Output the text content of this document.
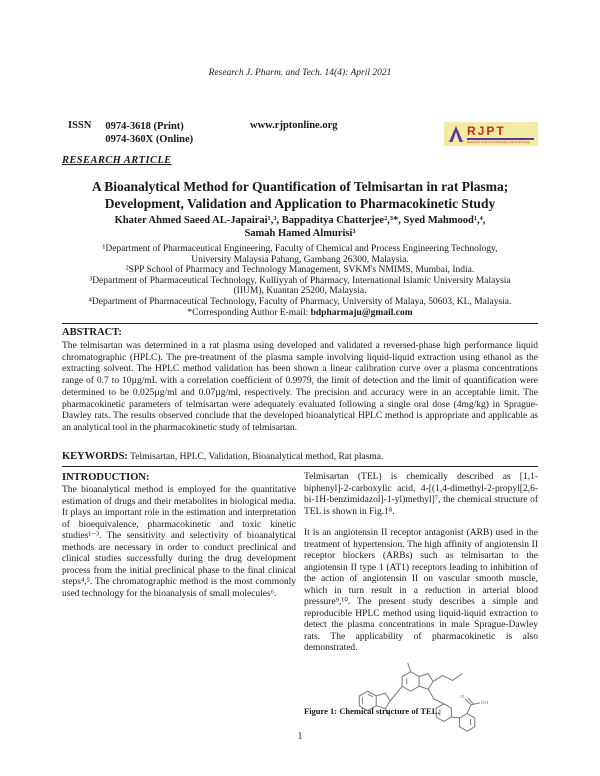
Research J. Pharm. and Tech. 14(4): April 2021
ISSN 0974-3618 (Print)
0974-360X (Online)
www.rjptonline.org	RJPT
Research Journal of Pharmacy and Technology
RESEARCH ARTICLE
A Bioanalytical Method for Quantification of Telmisartan in rat Plasma;
Development, Validation and Application to Pharmacokinetic Study
Khater Ahmed Saeed AL-Japairai¹,³, Bappaditya Chatterjee²,³*, Syed Mahmood¹,⁴,
Samah Hamed Almurisi³
¹Department of Pharmaceutical Engineering, Faculty of Chemical and Process Engineering Technology,
University Malaysia Pahang, Gambang 26300, Malaysia.
²SPP School of Pharmacy and Technology Management, SVKM's NMIMS, Mumbai, India.
³Department of Pharmaceutical Technology, Kulliyyah of Pharmacy, International Islamic University Malaysia
(IIUM), Kuantan 25200, Malaysia.
⁴Department of Pharmaceutical Technology, Faculty of Pharmacy, University of Malaya, 50603, KL, Malaysia.
*Corresponding Author E-mail: bdpharmaju@gmail.com
ABSTRACT:
The telmisartan was determined in a rat plasma using developed and validated a reversed-phase high performance liquid chromatographic (HPLC). The pre-treatment of the plasma sample involving liquid-liquid extraction using ethanol as the extracting solvent. The HPLC method validation has been shown a linear calibration curve over a plasma concentrations range of 0.7 to 10µg/mL with a correlation coefficient of 0.9979, the limit of detection and the limit of quantification were determined to be 0.025µg/ml and 0.07µg/ml, respectively. The precision and accuracy were in an acceptable limit. The pharmacokinetic parameters of telmisartan were adequately evaluated following a single oral dose (4mg/kg) in Sprague-Dawley rats. The results observed conclude that the developed bioanalytical HPLC method is appropriate and applicable as an analytical tool in the pharmacokinetic study of telmisartan.
KEYWORDS: Telmisartan, HPLC, Validation, Bioanalytical method, Rat plasma.
INTRODUCTION:

The bioanalytical method is employed for the quantitative estimation of drugs and their metabolites in biological media. It plays an important role in the estimation and interpretation of bioequivalence, pharmacokinetic and toxic kinetic studies¹⁻³. The sensitivity and selectivity of bioanalytical methods are necessary in order to conduct preclinical and clinical studies successfully during the drug development process from the initial preclinical phase to the final clinical steps⁴,⁵. The chromatographic method is the most commonly used technology for the bioanalysis of small molecules⁶.

Telmisartan (TEL) is chemically described as [1,1-biphenyl]-2-carboxylic acid, 4-[(1,4-dimethyl-2-propyl[2,6-bi-1H-benzimidazol]-1-yl)methyl]⁷, the chemical structure of TEL is shown in Fig.1⁸.

It is an angiotensin II receptor antagonist (ARB) used in the treatment of hypertension. The high affinity of angiotensin II receptor blockers (ARBs) such as telmisartan to the angiotensin II type 1 (AT1) receptors leading to inhibition of the action of angiotensin II on vascular smooth muscle, which in turn result in a reduction in arterial blood pressure⁹,¹⁰. The present study describes a simple and reproducible HPLC method using liquid-liquid extraction to detect the plasma concentrations in male Sprague-Dawley rats. The applicability of pharmacokinetic is also demonstrated.

O
OH
Figure 1: Chemical structure of TEL.
1
